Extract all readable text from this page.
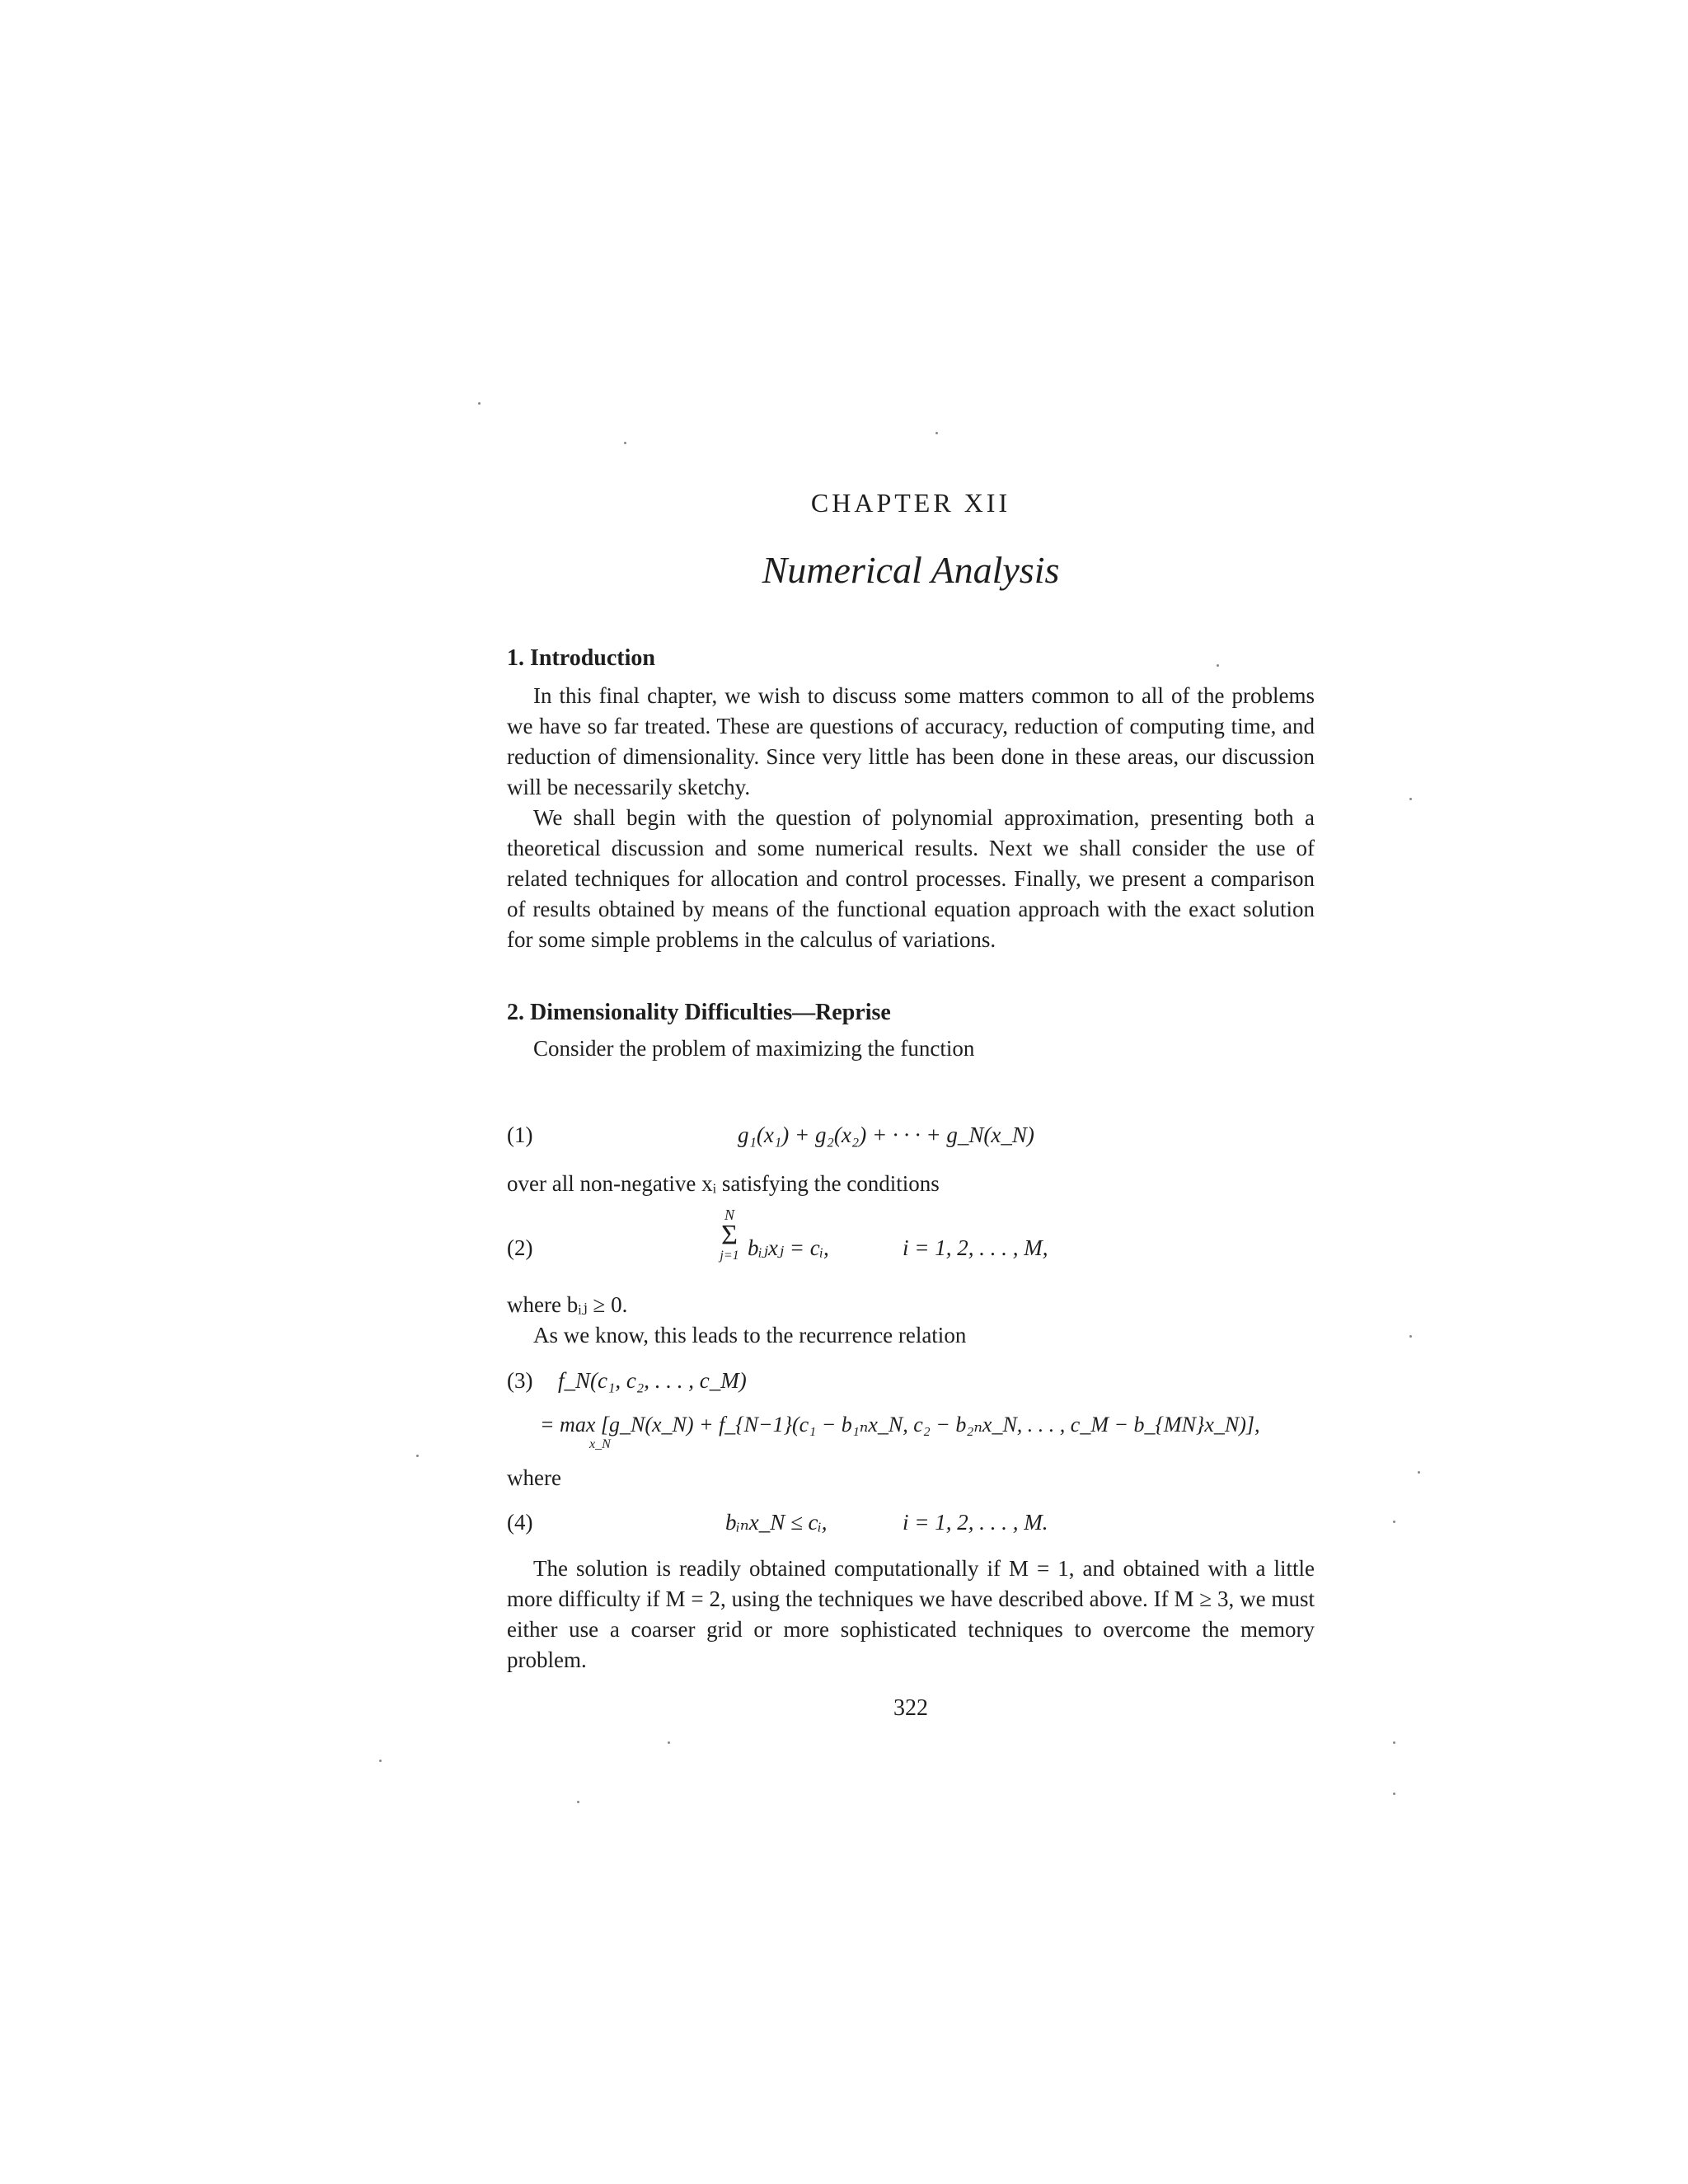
CHAPTER XII
Numerical Analysis

1. Introduction

In this final chapter, we wish to discuss some matters common to all of the problems we have so far treated. These are questions of accuracy, reduction of computing time, and reduction of dimensionality. Since very little has been done in these areas, our discussion will be necessarily sketchy.

We shall begin with the question of polynomial approximation, presenting both a theoretical discussion and some numerical results. Next we shall consider the use of related techniques for allocation and control processes. Finally, we present a comparison of results obtained by means of the functional equation approach with the exact solution for some simple problems in the calculus of variations.

2. Dimensionality Difficulties—Reprise

Consider the problem of maximizing the function

(1)	g₁(x₁) + g₂(x₂) + · · · + g_N(x_N)

over all non-negative xᵢ satisfying the conditions

(2)
N
Σ
j=1 bᵢⱼxⱼ = cᵢ,	i = 1, 2, . . . , M,

where bᵢⱼ ≥ 0.

As we know, this leads to the recurrence relation

(3) f_N(c₁, c₂, . . . , c_M)
= max [g_N(x_N) + f_{N−1}(c₁ − b₁ₙx_N, c₂ − b₂ₙx_N, . . . , c_M − b_{MN}x_N)],
x_N

where

(4)	bᵢₙx_N ≤ cᵢ,	i = 1, 2, . . . , M.

The solution is readily obtained computationally if M = 1, and obtained with a little more difficulty if M = 2, using the techniques we have described above. If M ≥ 3, we must either use a coarser grid or more sophisticated techniques to overcome the memory problem.

322
